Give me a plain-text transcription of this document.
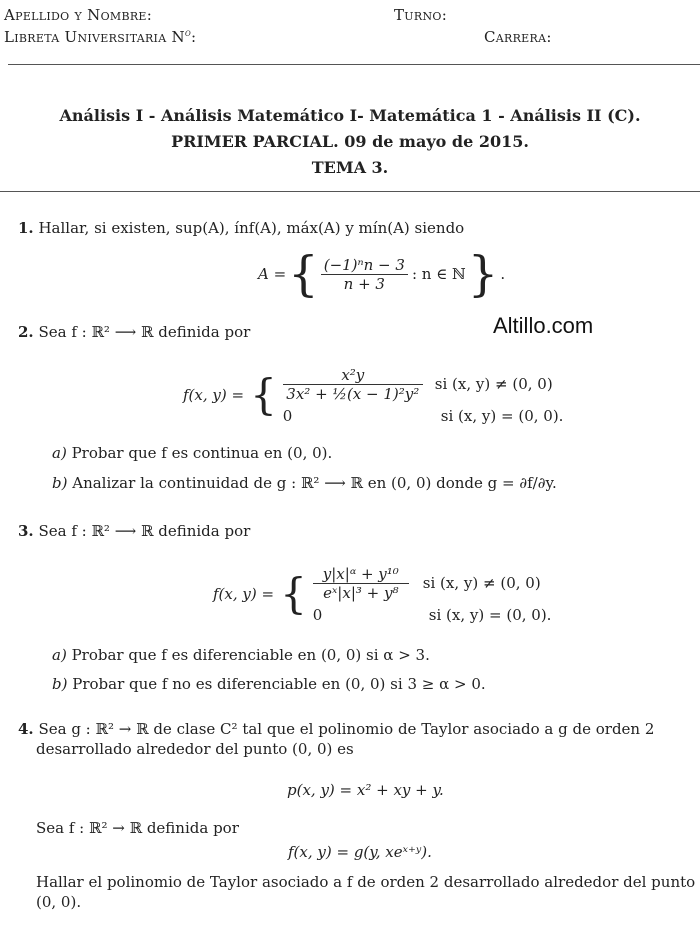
Apellido y Nombre:	Turno:
Libreta Universitaria $N^o$:	Carrera:
Análisis I - Análisis Matemático I- Matemática 1 - Análisis II (C).
PRIMER PARCIAL. 09 de mayo de 2015.
TEMA 3.
1. Hallar, si existen, sup(A), ínf(A), máx(A) y mín(A) siendo
A = { $\frac{\text{(−1)ⁿn − 3}}{n + 3}$ : n ∈ ℕ } .
Altillo.com
2. Sea f : ℝ² ⟶ ℝ definida por
f(x, y) = { $\frac{\text{x²y}}{\text{3x² + ½(x − 1)²y²}}$ si (x, y) ≠ (0, 0)
0	si (x, y) = (0, 0).
a) Probar que f es continua en (0, 0).
b) Analizar la continuidad de g : ℝ² ⟶ ℝ en (0, 0) donde g = ∂f/∂y.
3. Sea f : ℝ² ⟶ ℝ definida por
f(x, y) = { $\frac{\text{y|x|ᵅ + y¹⁰}}{\text{eˣ|x|³ + y⁸}}$ si (x, y) ≠ (0, 0)
0	si (x, y) = (0, 0).
a) Probar que f es diferenciable en (0, 0) si α > 3.
b) Probar que f no es diferenciable en (0, 0) si 3 ≥ α > 0.
4. Sea g : ℝ² → ℝ de clase C² tal que el polinomio de Taylor asociado a g de orden 2
desarrollado alrededor del punto (0, 0) es
p(x, y) = x² + xy + y.
Sea f : ℝ² → ℝ definida por
f(x, y) = g(y, xeˣ⁺ʸ).
Hallar el polinomio de Taylor asociado a f de orden 2 desarrollado alrededor del punto
(0, 0).
